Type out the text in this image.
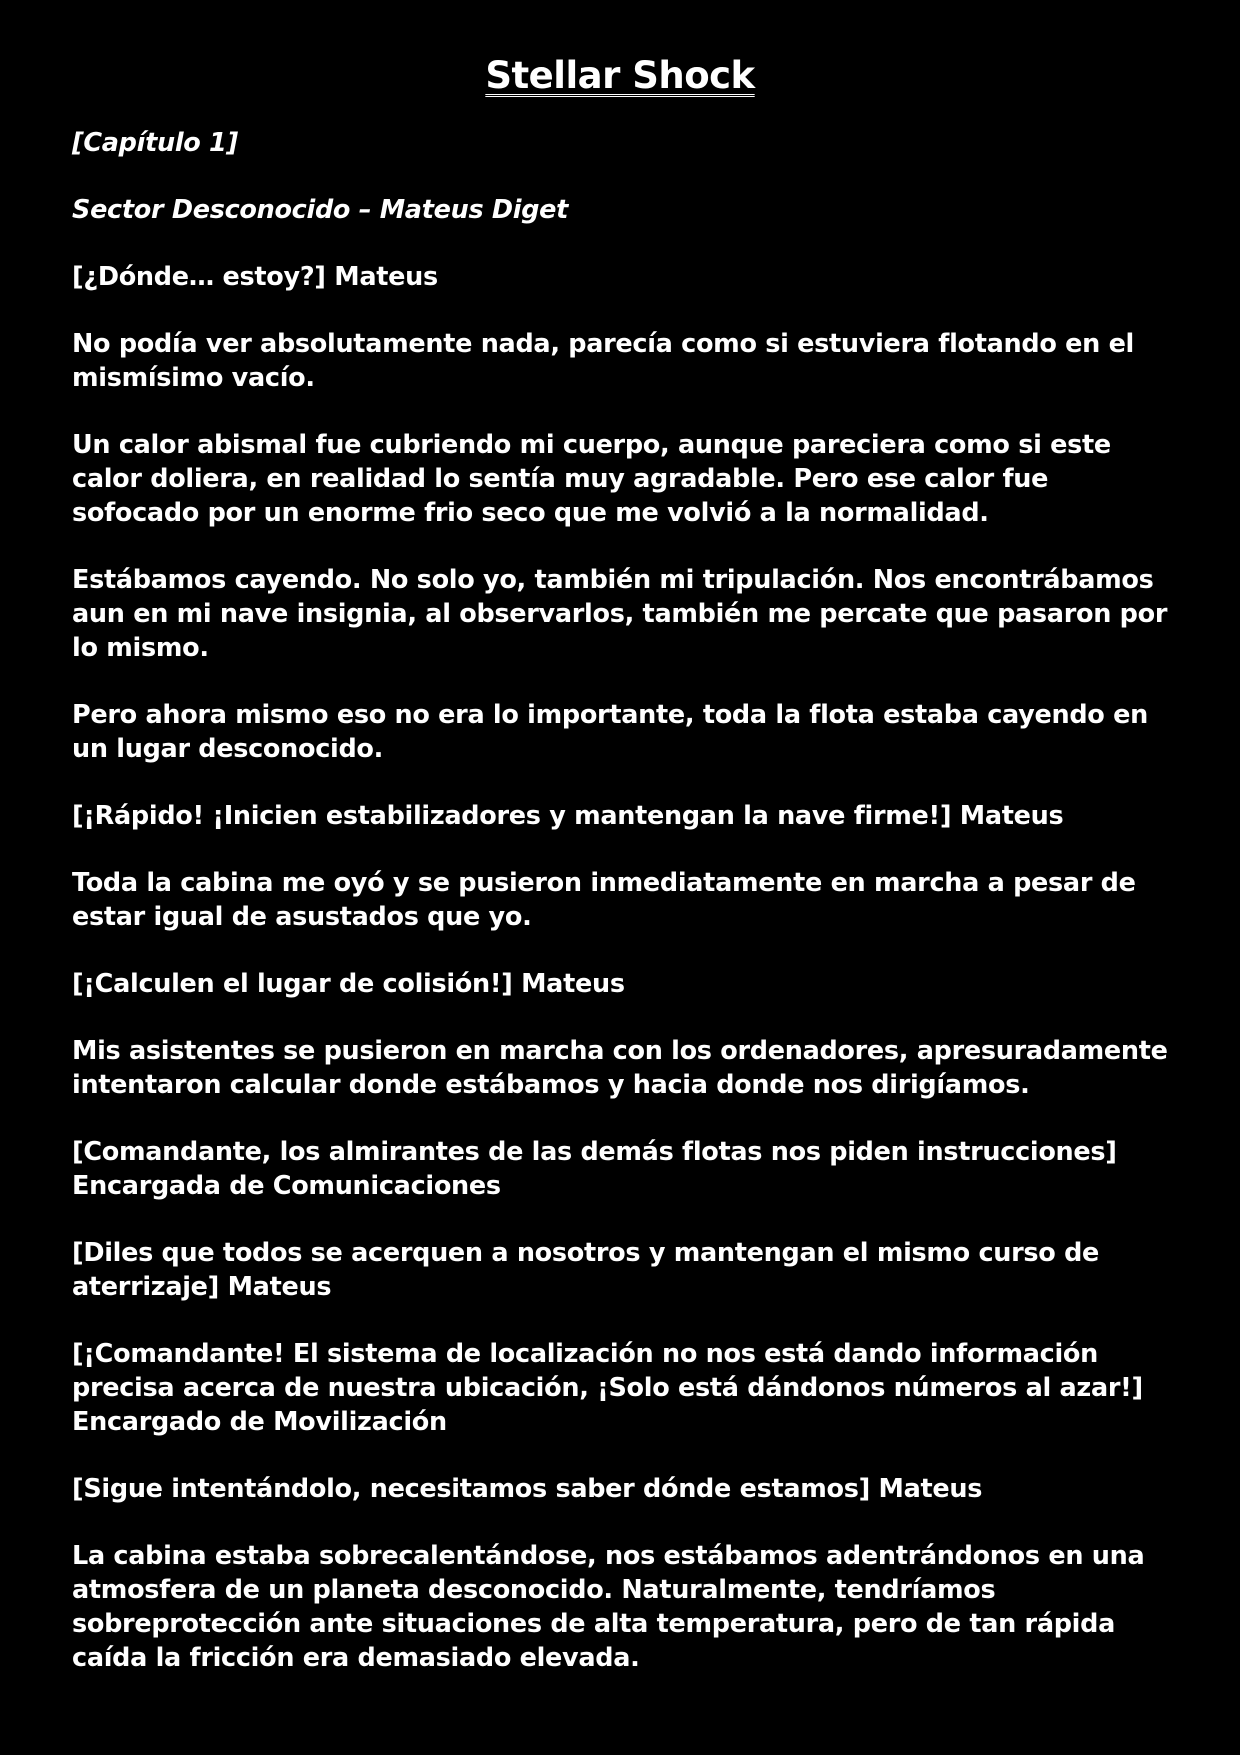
Stellar Shock
[Capítulo 1]
Sector Desconocido – Mateus Diget
[¿Dónde… estoy?] Mateus
No podía ver absolutamente nada, parecía como si estuviera flotando en el mismísimo vacío.
Un calor abismal fue cubriendo mi cuerpo, aunque pareciera como si este calor doliera, en realidad lo sentía muy agradable. Pero ese calor fue sofocado por un enorme frio seco que me volvió a la normalidad.
Estábamos cayendo. No solo yo, también mi tripulación. Nos encontrábamos aun en mi nave insignia, al observarlos, también me percate que pasaron por lo mismo.
Pero ahora mismo eso no era lo importante, toda la flota estaba cayendo en un lugar desconocido.
[¡Rápido! ¡Inicien estabilizadores y mantengan la nave firme!] Mateus
Toda la cabina me oyó y se pusieron inmediatamente en marcha a pesar de estar igual de asustados que yo.
[¡Calculen el lugar de colisión!] Mateus
Mis asistentes se pusieron en marcha con los ordenadores, apresuradamente intentaron calcular donde estábamos y hacia donde nos dirigíamos.
[Comandante, los almirantes de las demás flotas nos piden instrucciones] Encargada de Comunicaciones
[Diles que todos se acerquen a nosotros y mantengan el mismo curso de aterrizaje] Mateus
[¡Comandante! El sistema de localización no nos está dando información precisa acerca de nuestra ubicación, ¡Solo está dándonos números al azar!] Encargado de Movilización
[Sigue intentándolo, necesitamos saber dónde estamos] Mateus
La cabina estaba sobrecalentándose, nos estábamos adentrándonos en una atmosfera de un planeta desconocido. Naturalmente, tendríamos sobreprotección ante situaciones de alta temperatura, pero de tan rápida caída la fricción era demasiado elevada.
